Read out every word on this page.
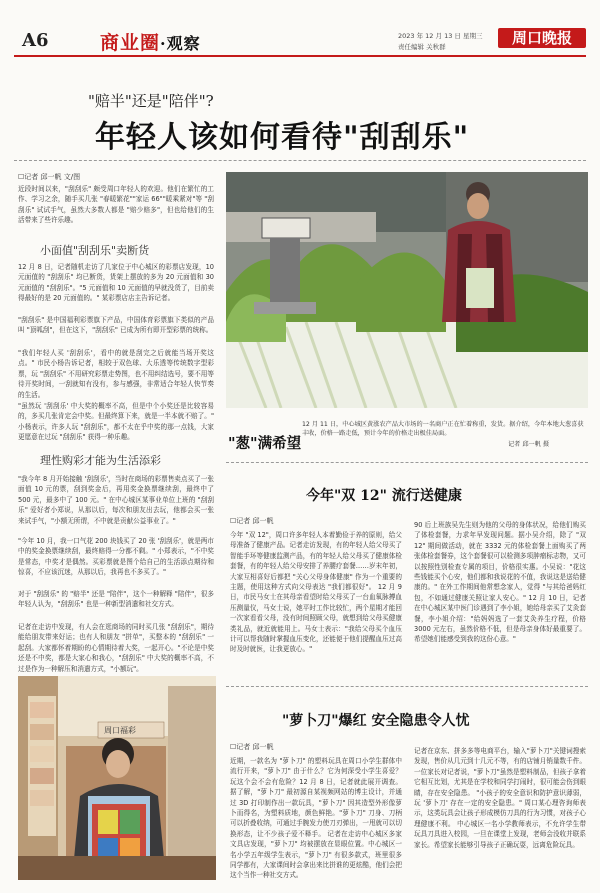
A6	商业圈·观察	2023 年 12 月 13 日 星期三
责任编辑 关秋群	周口晚报
"赔半"还是"陪伴"?
年轻人该如何看待"刮刮乐"
☐记者 邱一帆 文/图
近段时间以来，"刮刮乐" 颇受周口年轻人的欢迎。他们在繁忙的工作、学习之余，随手买几张 "春暖繁花""家运 66""暖乘紧对"等 "刮刮乐" 试试手气，虽然大多数人都是 "赔少赔多"，但也给他们的生活带来了些许乐趣。
小面值"刮刮乐"卖断货
12 月 8 日，记者随机走访了几家位于中心城区的彩票店发现，10 元面值的 "刮刮乐" 均已断货，货架上摆放的多为 20 元面值和 30 元面值的 "刮刮乐"。"5 元面值和 10 元面值的早就没货了，目前卖得最好的是 20 元面值的。" 某彩票店店主告诉记者。
"刮刮乐" 是中国福利彩票旗下产品，中国体育彩票旗下类似的产品叫 "顶呱刮"，但在这下，"刮刮乐" 已成为所有即开型彩票的统称。
"我们年轻人买 '刮刮乐'，看中的就是刮完之后就能当场开奖这点。" 市民小杨告诉记者，相较于双色球、大乐透等传统数字型彩票，玩 "刮刮乐" 不用研究彩票走势图，也不用纠结选号，要不用等待开奖时间，一刮就知有没有，参与感强，非常适合年轻人快节奏的生活。
"虽然玩 '刮刮乐' 中大奖的概率不高，但是中个小奖还是比较容易的，多买几张肯定会中奖。但最终算下来，就是一半本就不赔了。" 小杨表示，许多人玩 "刮刮乐"，都不太在乎中奖的那一点钱，大家更愿意在过玩 "刮刮乐" 获得一种乐趣。
理性购彩才能为生活添彩
"我今年 8 月开始接触 '刮刮乐'，当时在商场的彩票售卖点买了一张面值 10 元的票，刮到奖金后，再用奖金换票继续刮，最终中了 500 元，最多中了 100 元。" 在中心城区某事业单位上班的 "刮刮乐" 爱好者小郑说，从那以后，每次和朋友出去玩，他都会买一张来试手气，"小额无所谓，不中就是贡献公益事业了。"
"今年 10 月，我一口气花 200 块钱买了 20 张 '刮刮乐'，就是两市中的奖金换票继续刮，最终赔得一分都不剩。" 小郑表示，"不中奖是常态，中奖才是偶然。买彩票就是图个给自己的生活添点期待和惊喜，不应该沉迷，从那以后，我再也不多买了。"
对于 "刮刮乐" 的 "赔半" 还是 "陪伴"，这个一种解释 "陪伴"，很多年轻人认为，"刮刮乐" 也是一种新型消遣和社交方式。
记者在走访中发现，有人会在逛商场的同时买几张 "刮刮乐"，期待能给朋友带来好运；也有人和朋友 "拼单"，买整本的 "刮刮乐" 一起刮。大家都怀着期盼的心情期待着大奖，一起开心。"不论是中奖还是不中奖，都是大家心和我心，"刮刮乐" 中大奖的概率不高，不过是作为一种解压和消遣方式，"小额玩"。
周口福彩
"葱"满希望
12 月 11 日，中心城区黄涨农产品大市场的一名商户正在忙着称重，发货。据介绍，今年本地大葱喜获丰收，价格一路走低，预计今年的价格走出极佳局面。
记者 邱一帆 摄
今年"双 12" 流行送健康
☐记者 邱一帆
今年 "双 12"，周口许多年轻人本着勤俭于养的原则，给父母准备了健康产品。记者走访发现，有的年轻人给父母买了智能手环等健康监测产品，有的年轻人给父母买了健康体检套餐，有的年轻人给父母安排了养腰疗套餐……岁末年初，大家互相喜好后都把 "关心父母身体健康" 作为一个重要的主题，使用这种方式向父母表达 "我们都很好"。 12 月 9 日，市民马女士在其母亲看望时给父母买了一台血氧脉搏血压测量仪，马女士说，她平时工作比较忙，两个星期才能回一次家看看父母，没有时间照顾父母，就想到给父母买健康类礼品，就近就能用上。马女士表示："我给父母买个血压计可以帮我随时掌握血压变化，还能便于他们提醒血压过高时及时就医，让我更放心。"
90 后上班族吴先生则为他的父母的身体状况，给他们购买了体检套餐，力求年早发现问题。据小吴介绍，除了 "双 12" 期间做活动，就在 3332 元的体检套餐上面购买了两张体检套餐券，这个套餐很可以检测多项肿瘤标志物，又可以按照性别检查专属的项目，价格很实惠。小吴说："花这些钱能买个心安，他们都和我说花的不值，我说这是送给健康的。" 在外工作期间他常想念家人，觉得 "与其给爸妈红包，不如通过健康关照让家人安心。" 12 月 10 日，记者在中心城区某中医门诊遇到了李小姐，她给母亲买了艾灸套餐，李小姐介绍："给妈妈选了一套艾灸养生疗程，价格 3000 元左右，虽然价格不低，但是母亲身体好最重要了。希望她们能感受到我的这份心意。"
"萝卜刀"爆红 安全隐患令人忧
☐记者 邱一帆
近期，一款名为 "萝卜刀" 的塑料玩具在周口小学生群体中流行开来，"萝卜刀" 由于什么？它为何深受小学生喜爱？玩这个会不会有危险？12 月 8 日，记者就此展开调查。 据了解，"萝卜刀" 最初源自某视频网站的博主设计，并通过 3D 打印制作出一款玩具，"萝卜刀" 因其造型外形像萝卜而得名，为塑料质地，颜色鲜艳。"萝卜刀" 刀身、刀柄可以折叠收纳，可通过手腕发力使刀刃弹出，一甩就可以切换形态，让不少孩子爱不释手。 记者在走访中心城区多家文具店发现，"萝卜刀" 均被摆放在显眼位置。中心城区一名小学五年级学生表示，"萝卜刀" 有很多款式，班里很多同学都有，大家课间时会拿出来比拼谁的更炫酷，他们会把这个当作一种社交方式。
记者在京东、拼多多等电商平台，输入"萝卜刀"关键词搜索发现，售价从几元到十几元不等，有的店铺月销量数千件。一位家长对记者说，"萝卜刀"虽然是塑料制品，但孩子拿着它相互比划，尤其是在学校和同学打闹时，很可能会伤到眼睛，存在安全隐患。 "小孩子的安全意识和防护意识薄弱，玩 '萝卜刀' 存在一定的安全隐患。" 周口某心理咨询师表示，这类玩具会让孩子形成模仿刀具的行为习惯，对孩子心理健康不利。 中心城区一名小学教师表示，不允许学生带玩具刀具进入校园，一旦在课堂上发现，老师会没收并联系家长。希望家长能够引导孩子正确玩耍，远离危险玩具。
